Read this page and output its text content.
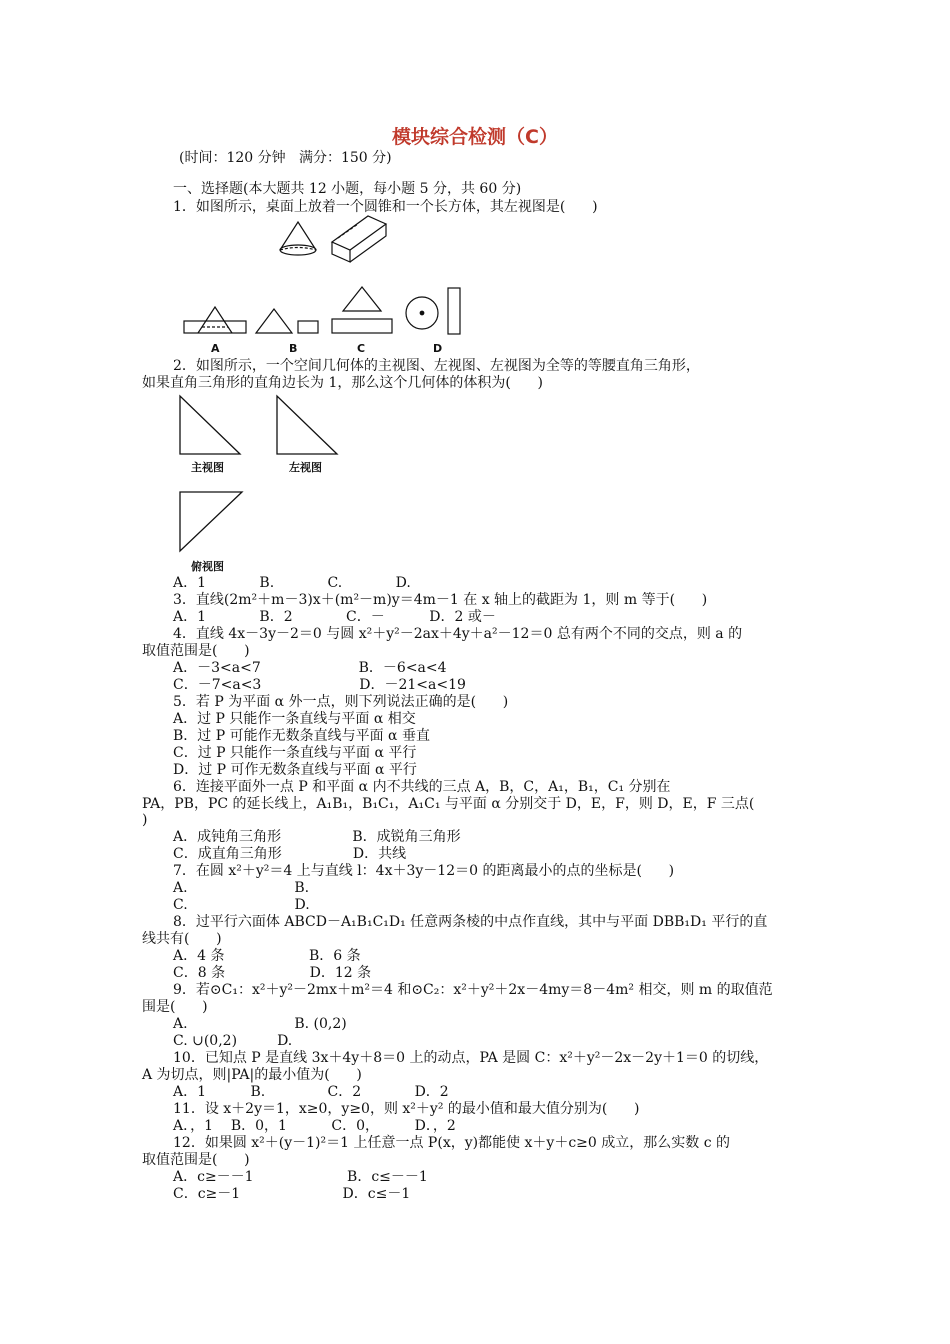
模块综合检测（C）
(时间：120 分钟   满分：150 分)
一、选择题(本大题共 12 小题，每小题 5 分，共 60 分)
1．如图所示，桌面上放着一个圆锥和一个长方体，其左视图是(      )
A	B	C	D
2．如图所示，一个空间几何体的主视图、左视图、左视图为全等的等腰直角三角形，
如果直角三角形的直角边长为 1，那么这个几何体的体积为(      )
主视图	左视图
俯视图
A．1            B.            C.            D.
3．直线(2m²＋m－3)x＋(m²－m)y＝4m－1 在 x 轴上的截距为 1，则 m 等于(      )
A．1            B．2            C．－          D．2 或－
4．直线 4x－3y－2＝0 与圆 x²＋y²－2ax＋4y＋a²－12＝0 总有两个不同的交点，则 a 的
取值范围是(      )
A．－3<a<7                      B．－6<a<4
C．－7<a<3                      D．－21<a<19
5．若 P 为平面 α 外一点，则下列说法正确的是(      )
A．过 P 只能作一条直线与平面 α 相交
B．过 P 可能作无数条直线与平面 α 垂直
C．过 P 只能作一条直线与平面 α 平行
D．过 P 可作无数条直线与平面 α 平行
6．连接平面外一点 P 和平面 α 内不共线的三点 A，B，C，A₁，B₁，C₁ 分别在
PA，PB，PC 的延长线上，A₁B₁，B₁C₁，A₁C₁ 与平面 α 分别交于 D，E，F，则 D，E，F 三点(
)
A．成钝角三角形                B．成锐角三角形
C．成直角三角形                D．共线
7．在圆 x²＋y²＝4 上与直线 l：4x＋3y－12＝0 的距离最小的点的坐标是(      )
A.                        B.
C.                        D.
8．过平行六面体 ABCD－A₁B₁C₁D₁ 任意两条棱的中点作直线，其中与平面 DBB₁D₁ 平行的直
线共有(      )
A．4 条                   B．6 条
C．8 条                   D．12 条
9．若⊙C₁：x²＋y²－2mx＋m²＝4 和⊙C₂：x²＋y²＋2x－4my＝8－4m² 相交，则 m 的取值范
围是(      )
A.                        B. (0,2)
C. ∪(0,2)         D.
10．已知点 P 是直线 3x＋4y＋8＝0 上的动点，PA 是圆 C：x²＋y²－2x－2y＋1＝0 的切线，
A 为切点，则|PA|的最小值为(      )
A．1          B.              C．2            D．2
11．设 x＋2y＝1，x≥0，y≥0，则 x²＋y² 的最小值和最大值分别为(      )
A．，1    B．0，1          C．0，        D．，2
12．如果圆 x²＋(y－1)²＝1 上任意一点 P(x，y)都能使 x＋y＋c≥0 成立，那么实数 c 的
取值范围是(      )
A．c≥－－1                     B．c≤－－1
C．c≥－1                       D．c≤－1
